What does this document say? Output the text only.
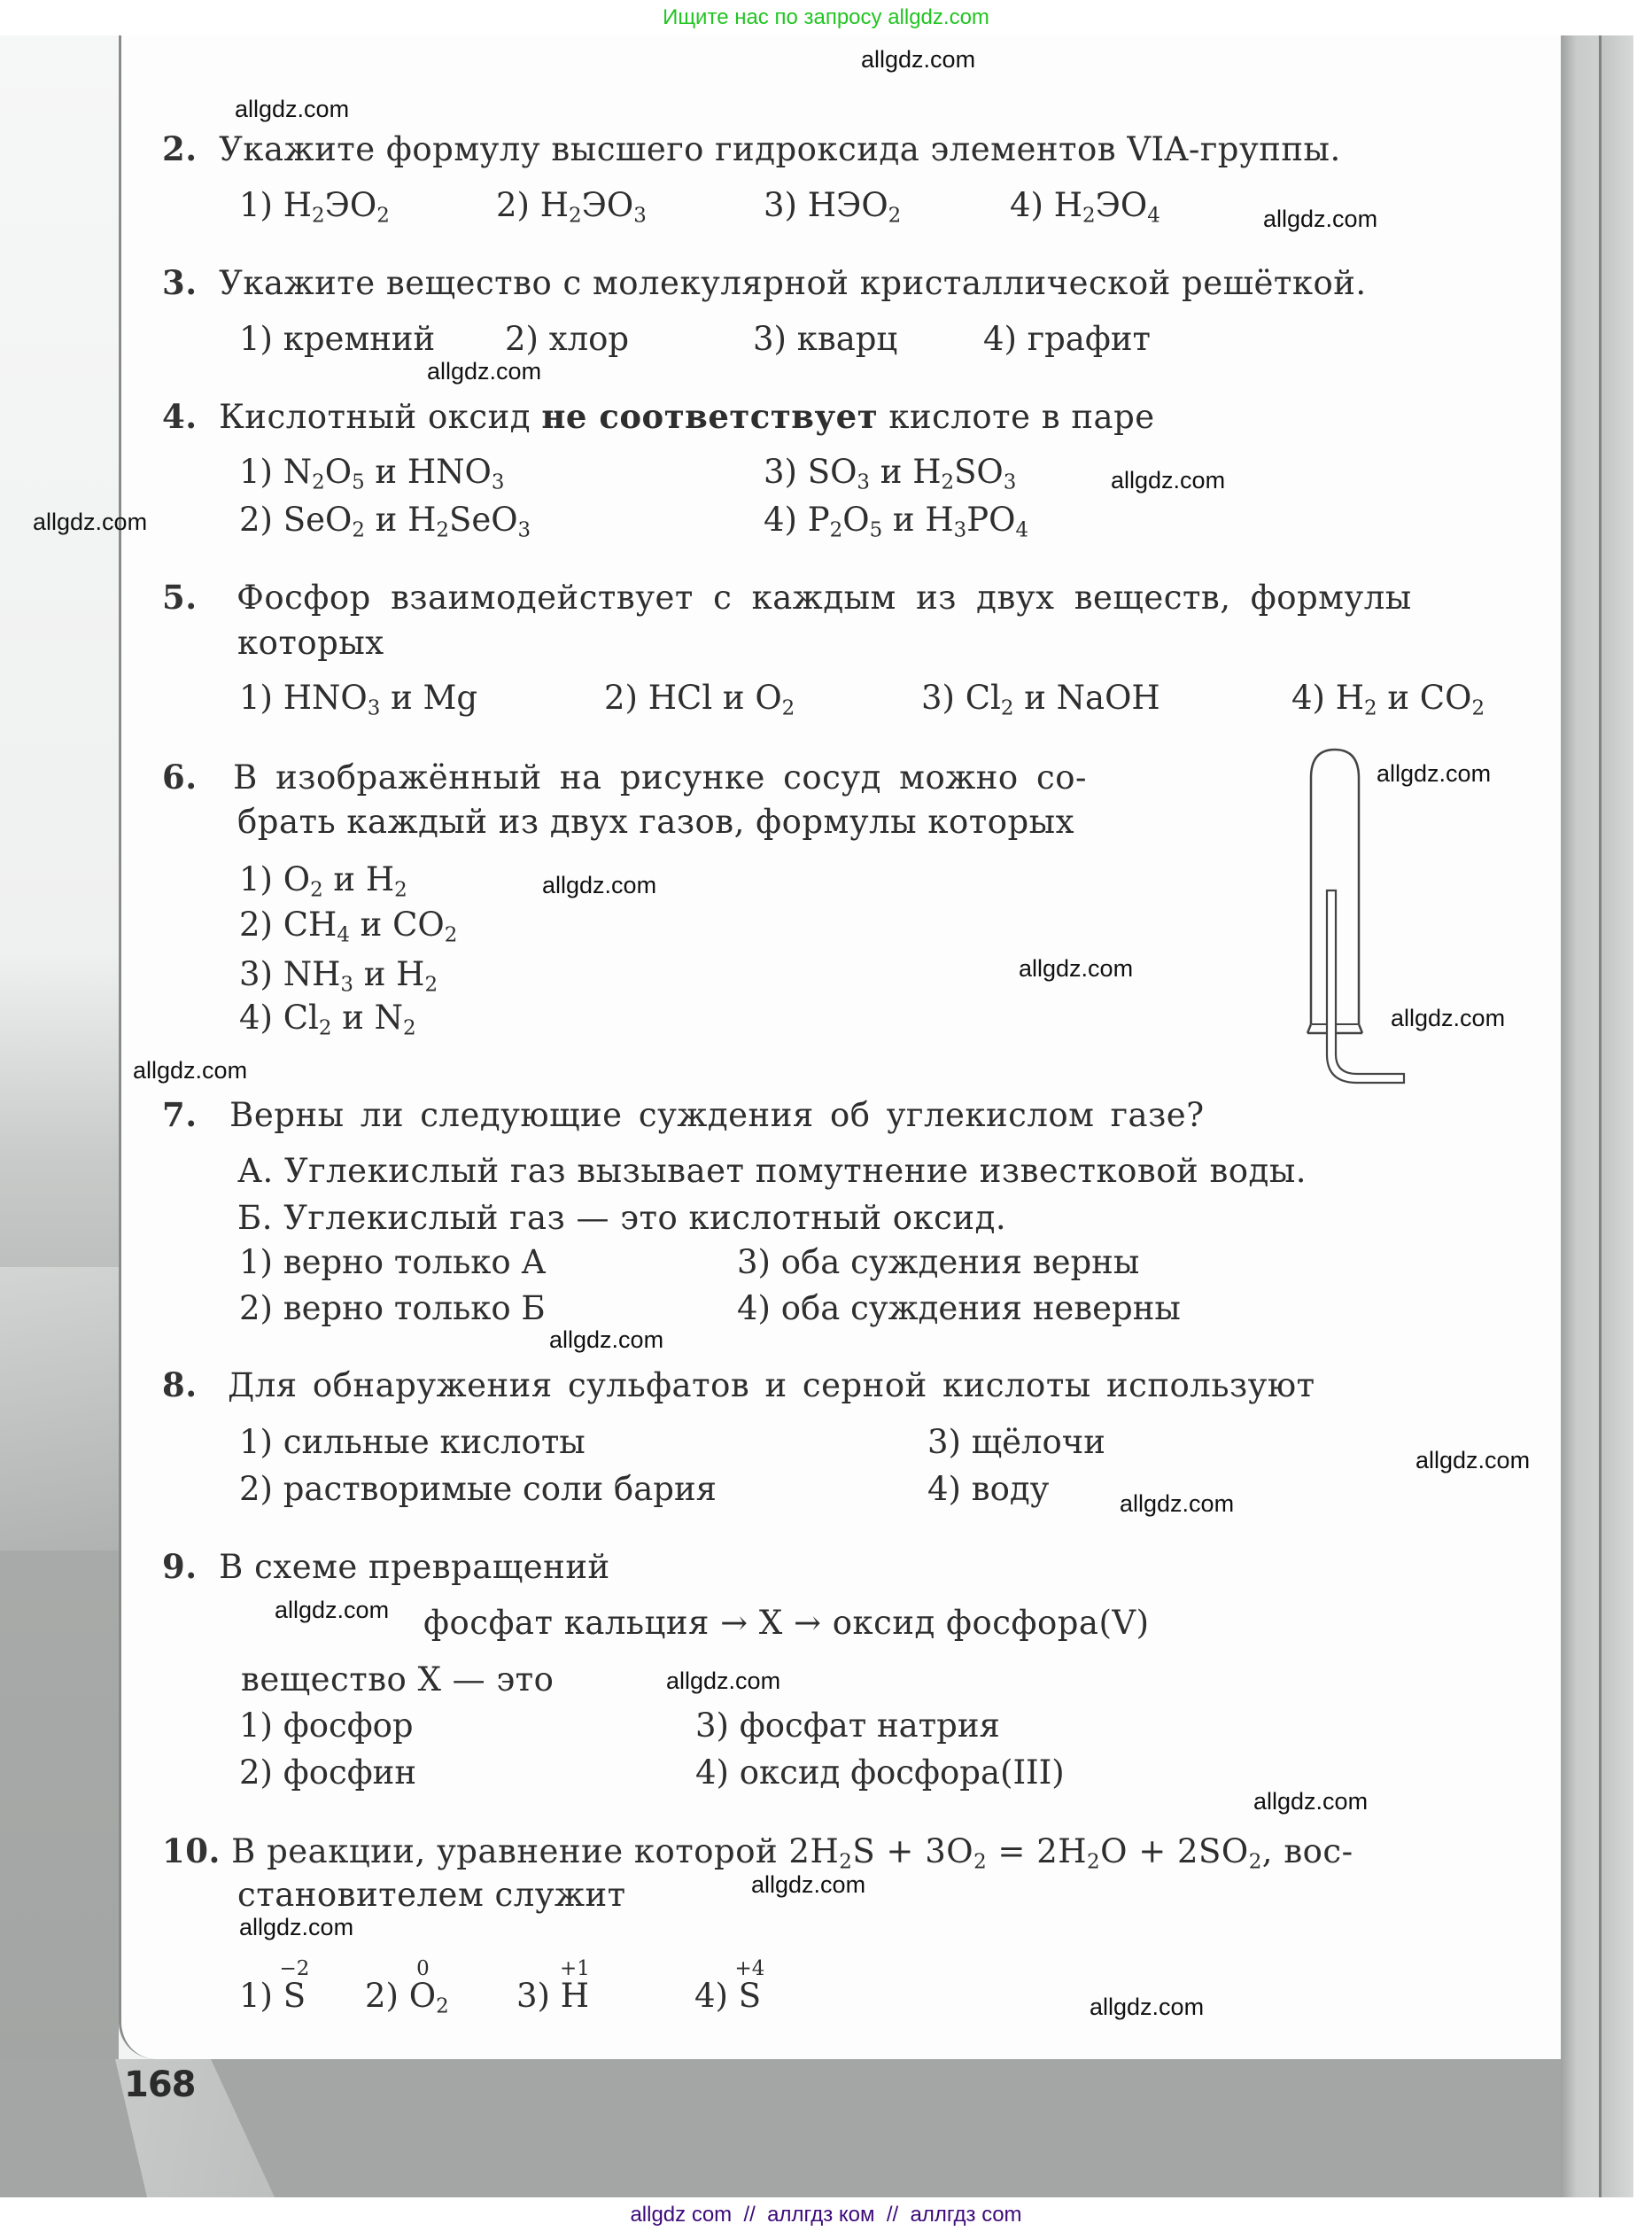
Ищите нас по запросу allgdz.com
2. Укажите формулу высшего гидроксида элементов VIA-группы.
1) $H_2ЭO_2$	2) $H_2ЭO_3$	3) $HЭO_2$	4) $H_2ЭO_4$
3. Укажите вещество с молекулярной кристаллической решёткой.
1) кремний 2) хлор	3) кварц	4) графит
4. Кислотный оксид не соответствует кислоте в паре
1) $N_2O_5$ и $HNO_3$
2) SeO$_2$ и $H_2SeO_3$
3) $SO_3$ и $H_2SO_3$
4) $P_2O_5$ и $H_3PO_4$
5. Фосфор взаимодействует с каждым из двух веществ, формулы
которых
1) $HNO_3$ и Mg	2) HCl и $O_2$	3) $Cl_2$ и NaOH	4) $H_2$ и $CO_2$
6. В изображённый на рисунке сосуд можно со-
брать каждый из двух газов, формулы которых
1) $O_2$ и $H_2$
2) $CH_4$ и $CO_2$
3) $NH_3$ и $H_2$
4) $Cl_2$ и $N_2$
7. Верны ли следующие суждения об углекислом газе?
А. Углекислый газ вызывает помутнение известковой воды.
Б. Углекислый газ — это кислотный оксид.
1) верно только А
2) верно только Б
3) оба суждения верны
4) оба суждения неверны
8. Для обнаружения сульфатов и серной кислоты используют
1) сильные кислоты
2) растворимые соли бария
3) щёлочи
4) воду
9. В схеме превращений
фосфат кальция → X → оксид фосфора(V)
вещество X — это
1) фосфор
2) фосфин
3) фосфат натрия
4) оксид фосфора(III)
10. В реакции, уравнение которой $2H_2S + 3O_2 = 2H_2O + 2SO_2$, вос-
становителем служит
1)
−2
S 2)
0
$O_2$ 3)
+1
H	4)
+4
S
allgdz.com
allgdz.com
allgdz.com
allgdz.com
allgdz.com
allgdz.com
allgdz.com
allgdz.com
allgdz.com
allgdz.com
allgdz.com
allgdz.com
allgdz.com
allgdz.com
allgdz.com
allgdz.com
allgdz.com
allgdz.com
allgdz.com
allgdz.com
168
allgdz com  //  аллгдз ком  //  аллгдз com
